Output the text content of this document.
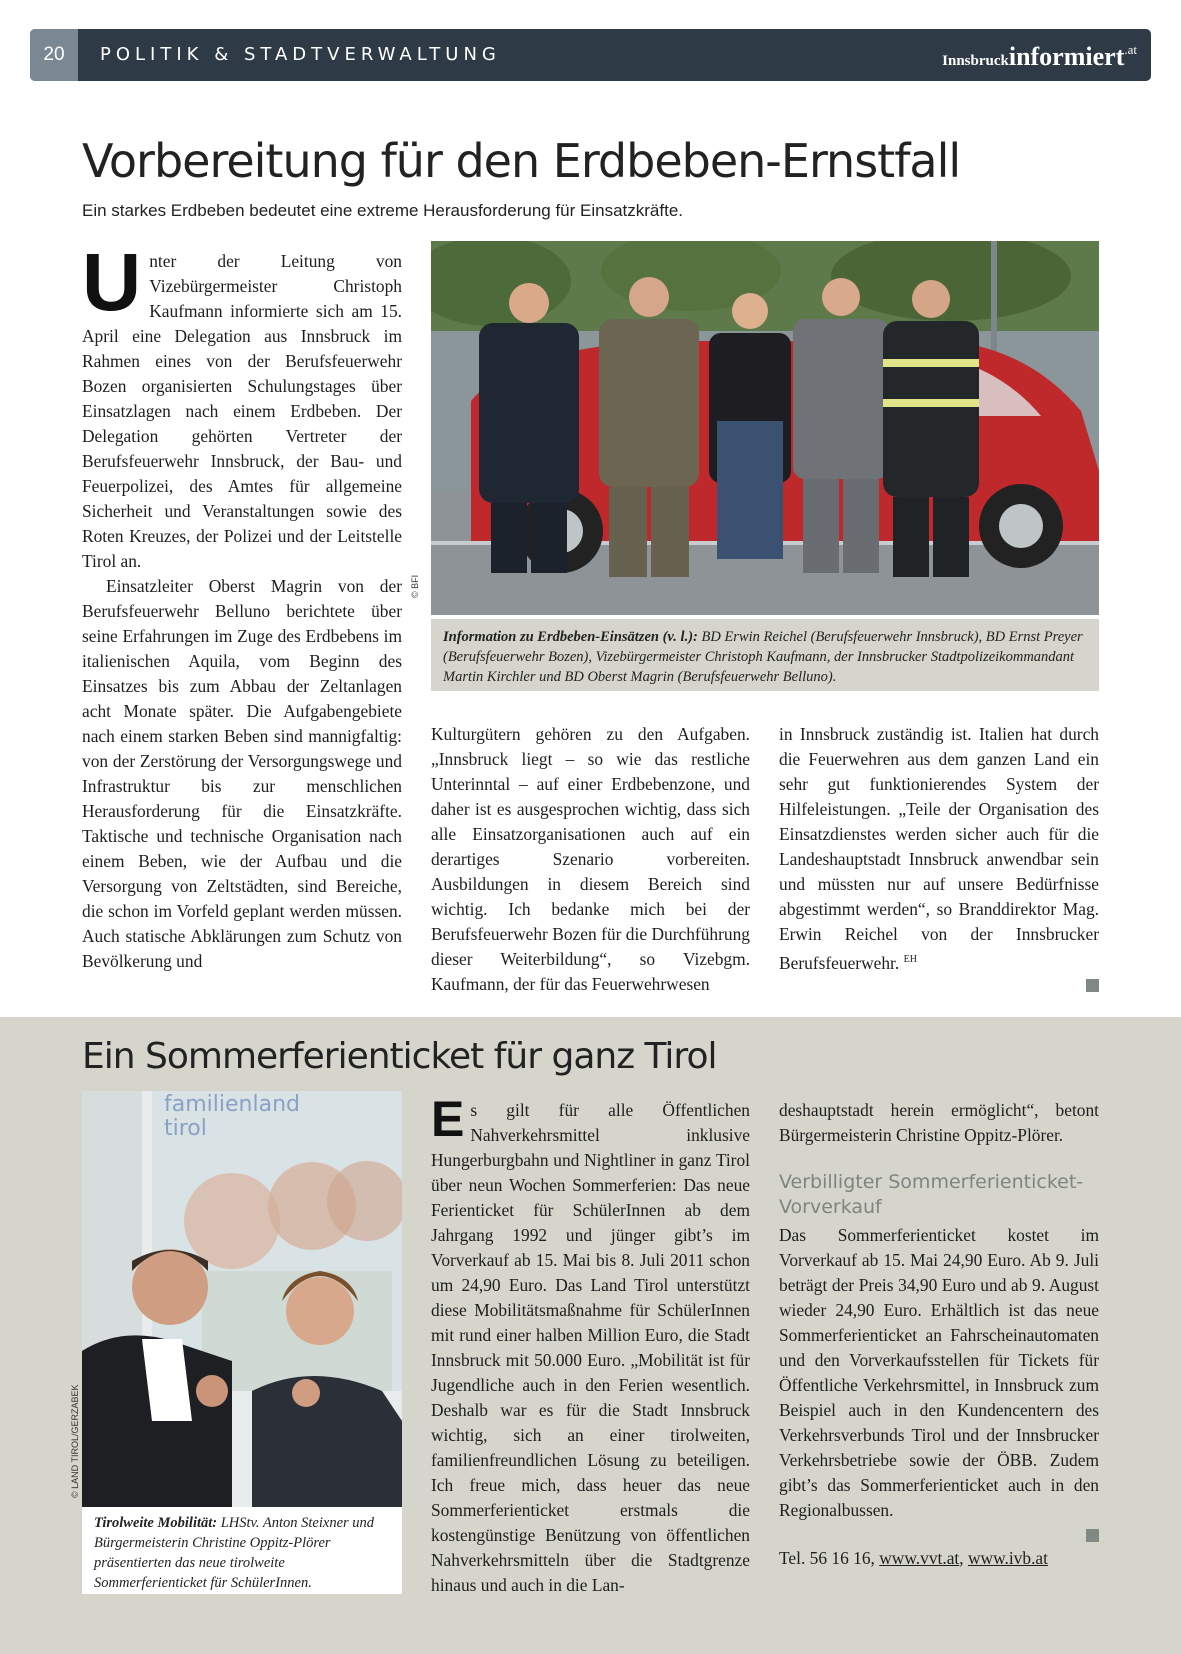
20	POLITIK & STADTVERWALTUNG	Innsbruckinformiert$^{.at}$
Vorbereitung für den Erdbeben-Ernstfall
Ein starkes Erdbeben bedeutet eine extreme Herausforderung für Einsatzkräfte.

Unter der Leitung von Vizebürgermeister Christoph Kaufmann informierte sich am 15. April eine Delegation aus Innsbruck im Rahmen eines von der Berufsfeuerwehr Bozen organisierten Schulungstages über Einsatzlagen nach einem Erdbeben. Der Delegation gehörten Vertreter der Berufsfeuerwehr Innsbruck, der Bau- und Feuerpolizei, des Amtes für allgemeine Sicherheit und Veranstaltungen sowie des Roten Kreuzes, der Polizei und der Leitstelle Tirol an.

Einsatzleiter Oberst Magrin von der Berufsfeuerwehr Belluno berichtete über seine Erfahrungen im Zuge des Erdbebens im italienischen Aquila, vom Beginn des Einsatzes bis zum Abbau der Zeltanlagen acht Monate später. Die Aufgabengebiete nach einem starken Beben sind mannigfaltig: von der Zerstörung der Versorgungswege und Infrastruktur bis zur menschlichen Herausforderung für die Einsatzkräfte. Taktische und technische Organisation nach einem Beben, wie der Aufbau und die Versorgung von Zeltstädten, sind Bereiche, die schon im Vorfeld geplant werden müssen. Auch statische Abklärungen zum Schutz von Bevölkerung und

© BFI
Information zu Erdbeben-Einsätzen (v. l.): BD Erwin Reichel (Berufsfeuerwehr Innsbruck), BD Ernst Preyer (Berufsfeuerwehr Bozen), Vizebürgermeister Christoph Kaufmann, der Innsbrucker Stadtpolizeikommandant Martin Kirchler und BD Oberst Magrin (Berufsfeuerwehr Belluno).

Kulturgütern gehören zu den Aufgaben. „Innsbruck liegt – so wie das restliche Unterinntal – auf einer Erdbebenzone, und daher ist es ausgesprochen wichtig, dass sich alle Einsatzorganisationen auch auf ein derartiges Szenario vorbereiten. Ausbildungen in diesem Bereich sind wichtig. Ich bedanke mich bei der Berufsfeuerwehr Bozen für die Durchführung dieser Weiterbildung“, so Vizebgm. Kaufmann, der für das Feuerwehrwesen

in Innsbruck zuständig ist. Italien hat durch die Feuerwehren aus dem ganzen Land ein sehr gut funktionierendes System der Hilfeleistungen. „Teile der Organisation des Einsatzdienstes werden sicher auch für die Landeshauptstadt Innsbruck anwendbar sein und müssten nur auf unsere Bedürfnisse abgestimmt werden“, so Branddirektor Mag. Erwin Reichel von der Innsbrucker Berufsfeuerwehr. $^{EH}$

Ein Sommerferienticket für ganz Tirol
familienland
tirol
© LAND TIROL/GERZABEK
Tirolweite Mobilität: LHStv. Anton Steixner und Bürgermeisterin Christine Oppitz-Plörer präsentierten das neue tirolweite Sommerferienticket für SchülerInnen.

Es gilt für alle Öffentlichen Nahverkehrsmittel inklusive Hungerburgbahn und Nightliner in ganz Tirol über neun Wochen Sommerferien: Das neue Ferienticket für SchülerInnen ab dem Jahrgang 1992 und jünger gibt’s im Vorverkauf ab 15. Mai bis 8. Juli 2011 schon um 24,90 Euro. Das Land Tirol unterstützt diese Mobilitätsmaßnahme für SchülerInnen mit rund einer halben Million Euro, die Stadt Innsbruck mit 50.000 Euro. „Mobilität ist für Jugendliche auch in den Ferien wesentlich. Deshalb war es für die Stadt Innsbruck wichtig, sich an einer tirolweiten, familienfreundlichen Lösung zu beteiligen. Ich freue mich, dass heuer das neue Sommerferienticket erstmals die kostengünstige Benützung von öffentlichen Nahverkehrsmitteln über die Stadtgrenze hinaus und auch in die Lan-

deshauptstadt herein ermöglicht“, betont Bürgermeisterin Christine Oppitz-Plörer.

Verbilligter Sommerferienticket-Vorverkauf

Das Sommerferienticket kostet im Vorverkauf ab 15. Mai 24,90 Euro. Ab 9. Juli beträgt der Preis 34,90 Euro und ab 9. August wieder 24,90 Euro. Erhältlich ist das neue Sommerferienticket an Fahrscheinautomaten und den Vorverkaufsstellen für Tickets für Öffentliche Verkehrsmittel, in Innsbruck zum Beispiel auch in den Kundencentern des Verkehrsverbunds Tirol und der Innsbrucker Verkehrsbetriebe sowie der ÖBB. Zudem gibt’s das Sommerferienticket auch in den Regionalbussen.

Tel. 56 16 16, www.vvt.at, www.ivb.at
